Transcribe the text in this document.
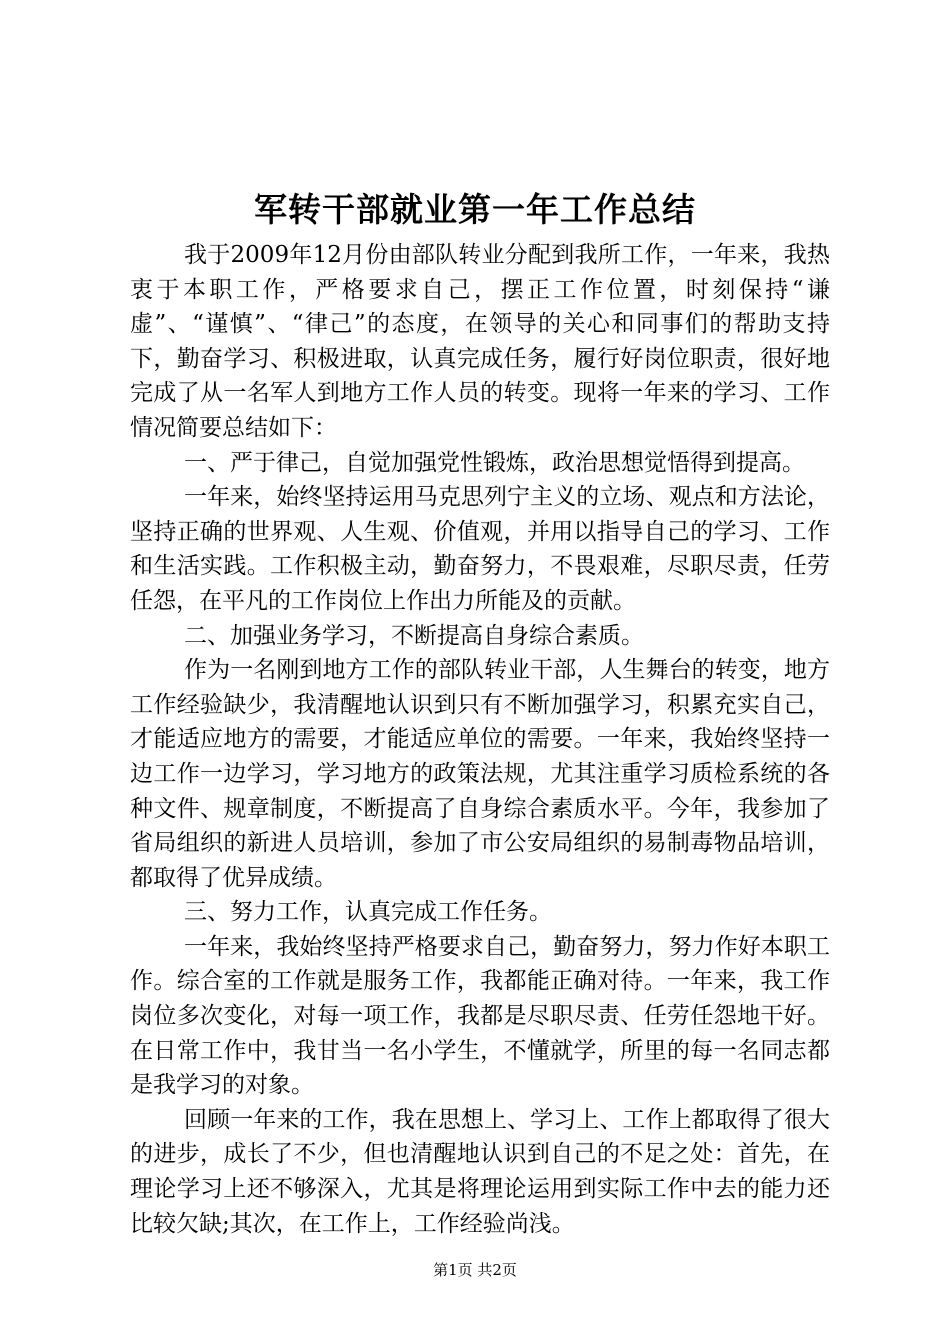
军转干部就业第一年工作总结

我于2009年12月份由部队转业分配到我所工作，一年来，我热衷于本职工作，严格要求自己，摆正工作位置，时刻保持“谦虚”、“谨慎”、“律己”的态度，在领导的关心和同事们的帮助支持下，勤奋学习、积极进取，认真完成任务，履行好岗位职责，很好地完成了从一名军人到地方工作人员的转变。现将一年来的学习、工作情况简要总结如下：

一、严于律己，自觉加强党性锻炼，政治思想觉悟得到提高。

一年来，始终坚持运用马克思列宁主义的立场、观点和方法论，坚持正确的世界观、人生观、价值观，并用以指导自己的学习、工作和生活实践。工作积极主动，勤奋努力，不畏艰难，尽职尽责，任劳任怨，在平凡的工作岗位上作出力所能及的贡献。

二、加强业务学习，不断提高自身综合素质。

作为一名刚到地方工作的部队转业干部，人生舞台的转变，地方工作经验缺少，我清醒地认识到只有不断加强学习，积累充实自己，才能适应地方的需要，才能适应单位的需要。一年来，我始终坚持一边工作一边学习，学习地方的政策法规，尤其注重学习质检系统的各种文件、规章制度，不断提高了自身综合素质水平。今年，我参加了省局组织的新进人员培训，参加了市公安局组织的易制毒物品培训，都取得了优异成绩。

三、努力工作，认真完成工作任务。

一年来，我始终坚持严格要求自己，勤奋努力，努力作好本职工作。综合室的工作就是服务工作，我都能正确对待。一年来，我工作岗位多次变化，对每一项工作，我都是尽职尽责、任劳任怨地干好。在日常工作中，我甘当一名小学生，不懂就学，所里的每一名同志都是我学习的对象。

回顾一年来的工作，我在思想上、学习上、工作上都取得了很大的进步，成长了不少，但也清醒地认识到自己的不足之处：首先，在理论学习上还不够深入，尤其是将理论运用到实际工作中去的能力还比较欠缺;其次，在工作上，工作经验尚浅。

第1页 共2页
